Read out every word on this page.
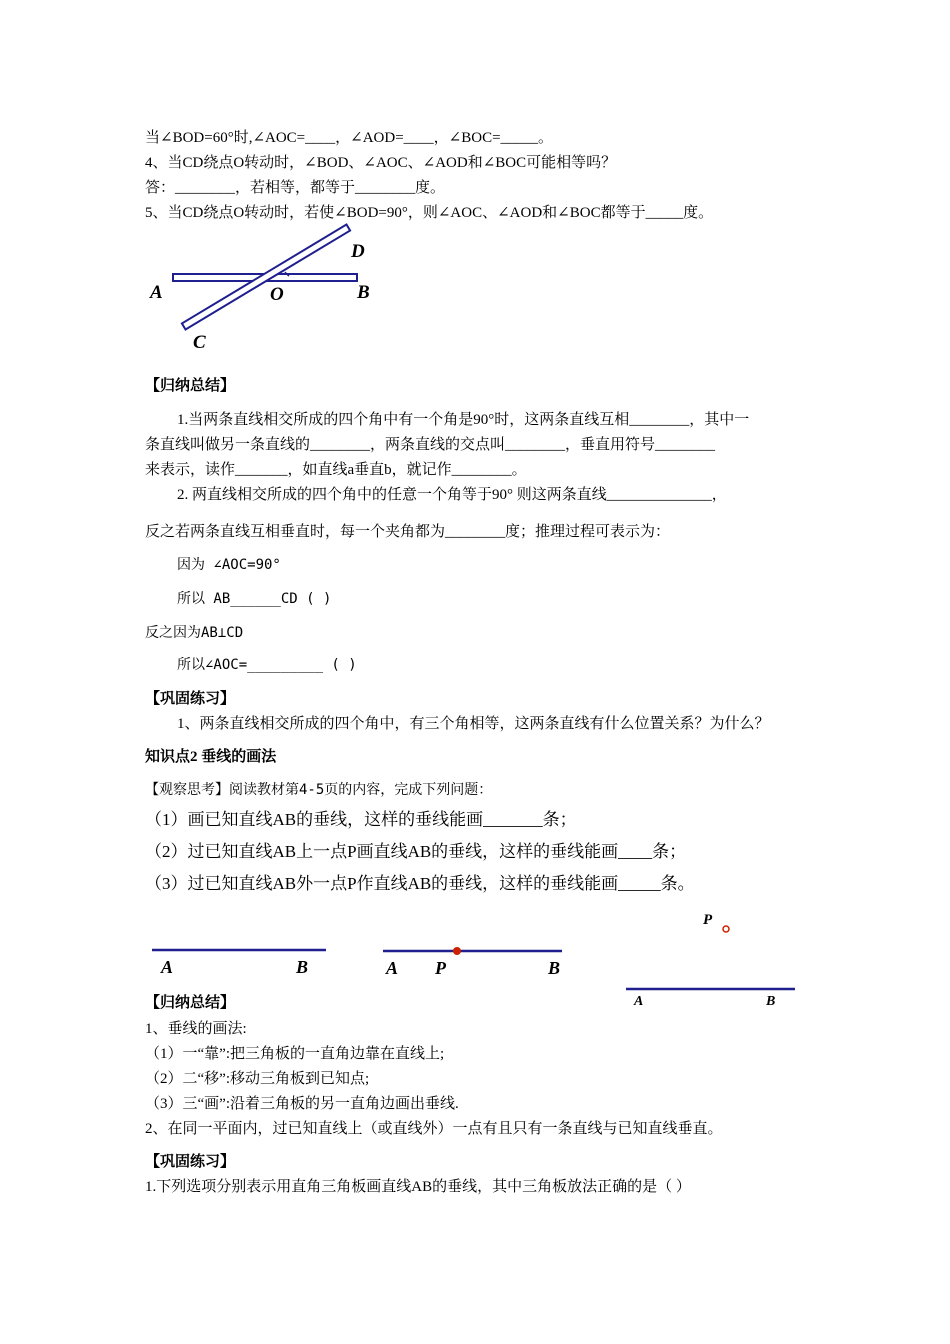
当∠BOD=60°时,∠AOC=____，∠AOD=____，∠BOC=_____。
4、当CD绕点O转动时，∠BOD、∠AOC、∠AOD和∠BOC可能相等吗？
答：________，若相等，都等于________度。
5、当CD绕点O转动时，若使∠BOD=90°，则∠AOC、∠AOD和∠BOC都等于_____度。
A	O	B
D
C
【归纳总结】
1.当两条直线相交所成的四个角中有一个角是90°时，这两条直线互相________，其中一
条直线叫做另一条直线的________，两条直线的交点叫________，垂直用符号________
来表示，读作_______，如直线a垂直b，就记作________。
2. 两直线相交所成的四个角中的任意一个角等于90° 则这两条直线______________，
反之若两条直线互相垂直时，每一个夹角都为________度；推理过程可表示为：
因为 ∠AOC=90°
所以 AB______CD ( )
反之因为AB⊥CD
所以∠AOC=_________ ( )
【巩固练习】
1、两条直线相交所成的四个角中，有三个角相等，这两条直线有什么位置关系？为什么？
知识点2 垂线的画法
【观察思考】阅读教材第4-5页的内容，完成下列问题：
（1）画已知直线AB的垂线，这样的垂线能画_______条；
（2）过已知直线AB上一点P画直线AB的垂线，这样的垂线能画____条；
（3）过已知直线AB外一点P作直线AB的垂线，这样的垂线能画_____条。
A	B	A P	B
P
A	B
【归纳总结】
1、垂线的画法:
（1）一“靠”:把三角板的一直角边靠在直线上;
（2）二“移”:移动三角板到已知点;
（3）三“画”:沿着三角板的另一直角边画出垂线.
2、在同一平面内，过已知直线上（或直线外）一点有且只有一条直线与已知直线垂直。
【巩固练习】
1.下列选项分别表示用直角三角板画直线AB的垂线，其中三角板放法正确的是（ ）
